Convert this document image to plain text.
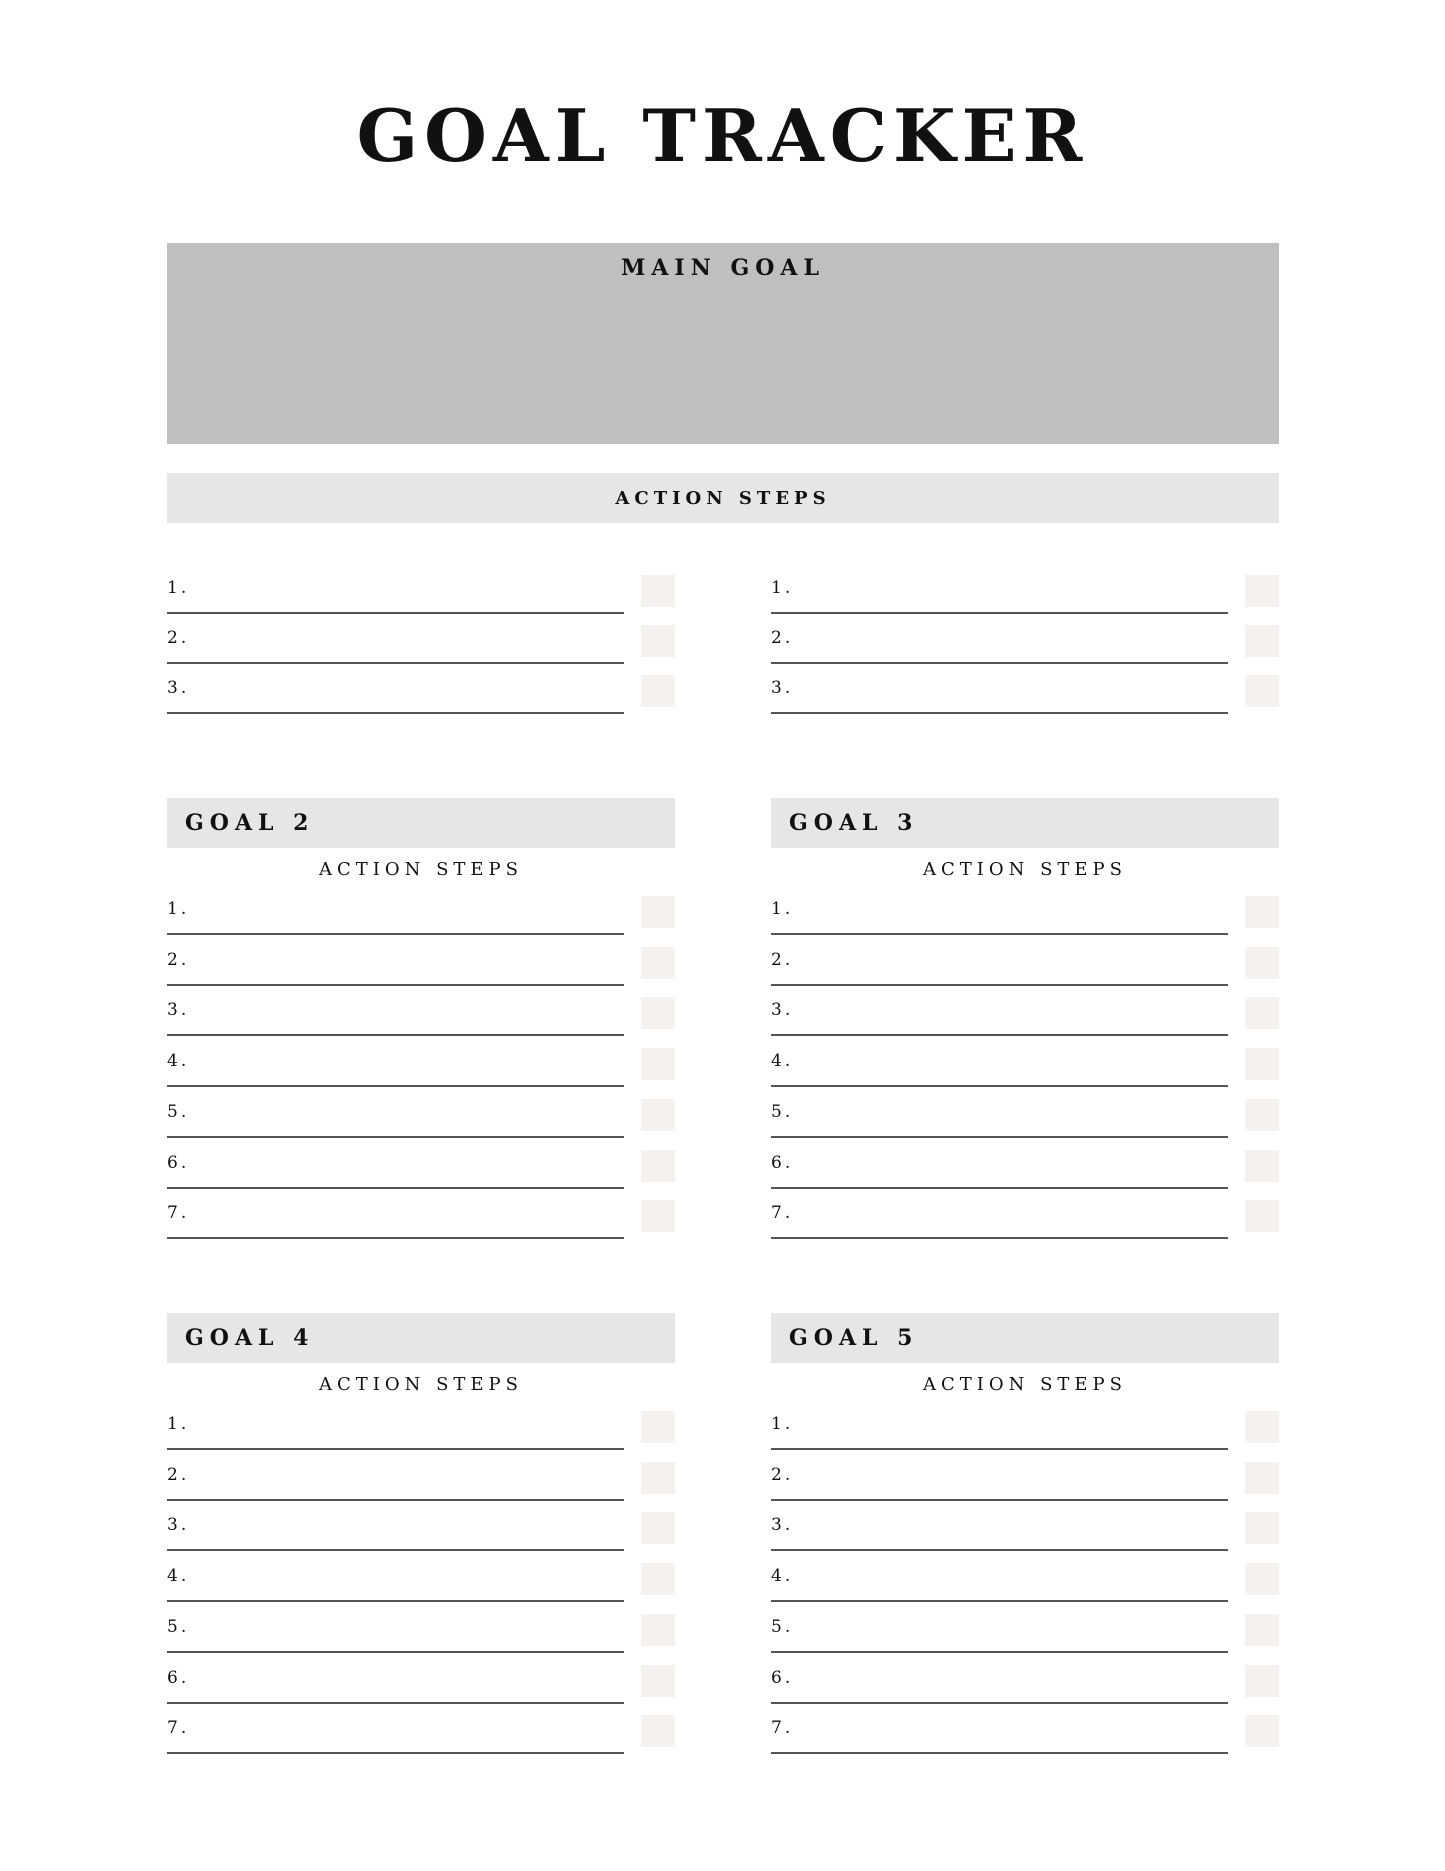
GOAL TRACKER
MAIN GOAL
ACTION STEPS
1.
2.
3.
1.
2.
3.
GOAL 2
ACTION STEPS
1.
2.
3.
4.
5.
6.
7.
GOAL 3
ACTION STEPS
1.
2.
3.
4.
5.
6.
7.
GOAL 4
ACTION STEPS
1.
2.
3.
4.
5.
6.
7.
GOAL 5
ACTION STEPS
1.
2.
3.
4.
5.
6.
7.
